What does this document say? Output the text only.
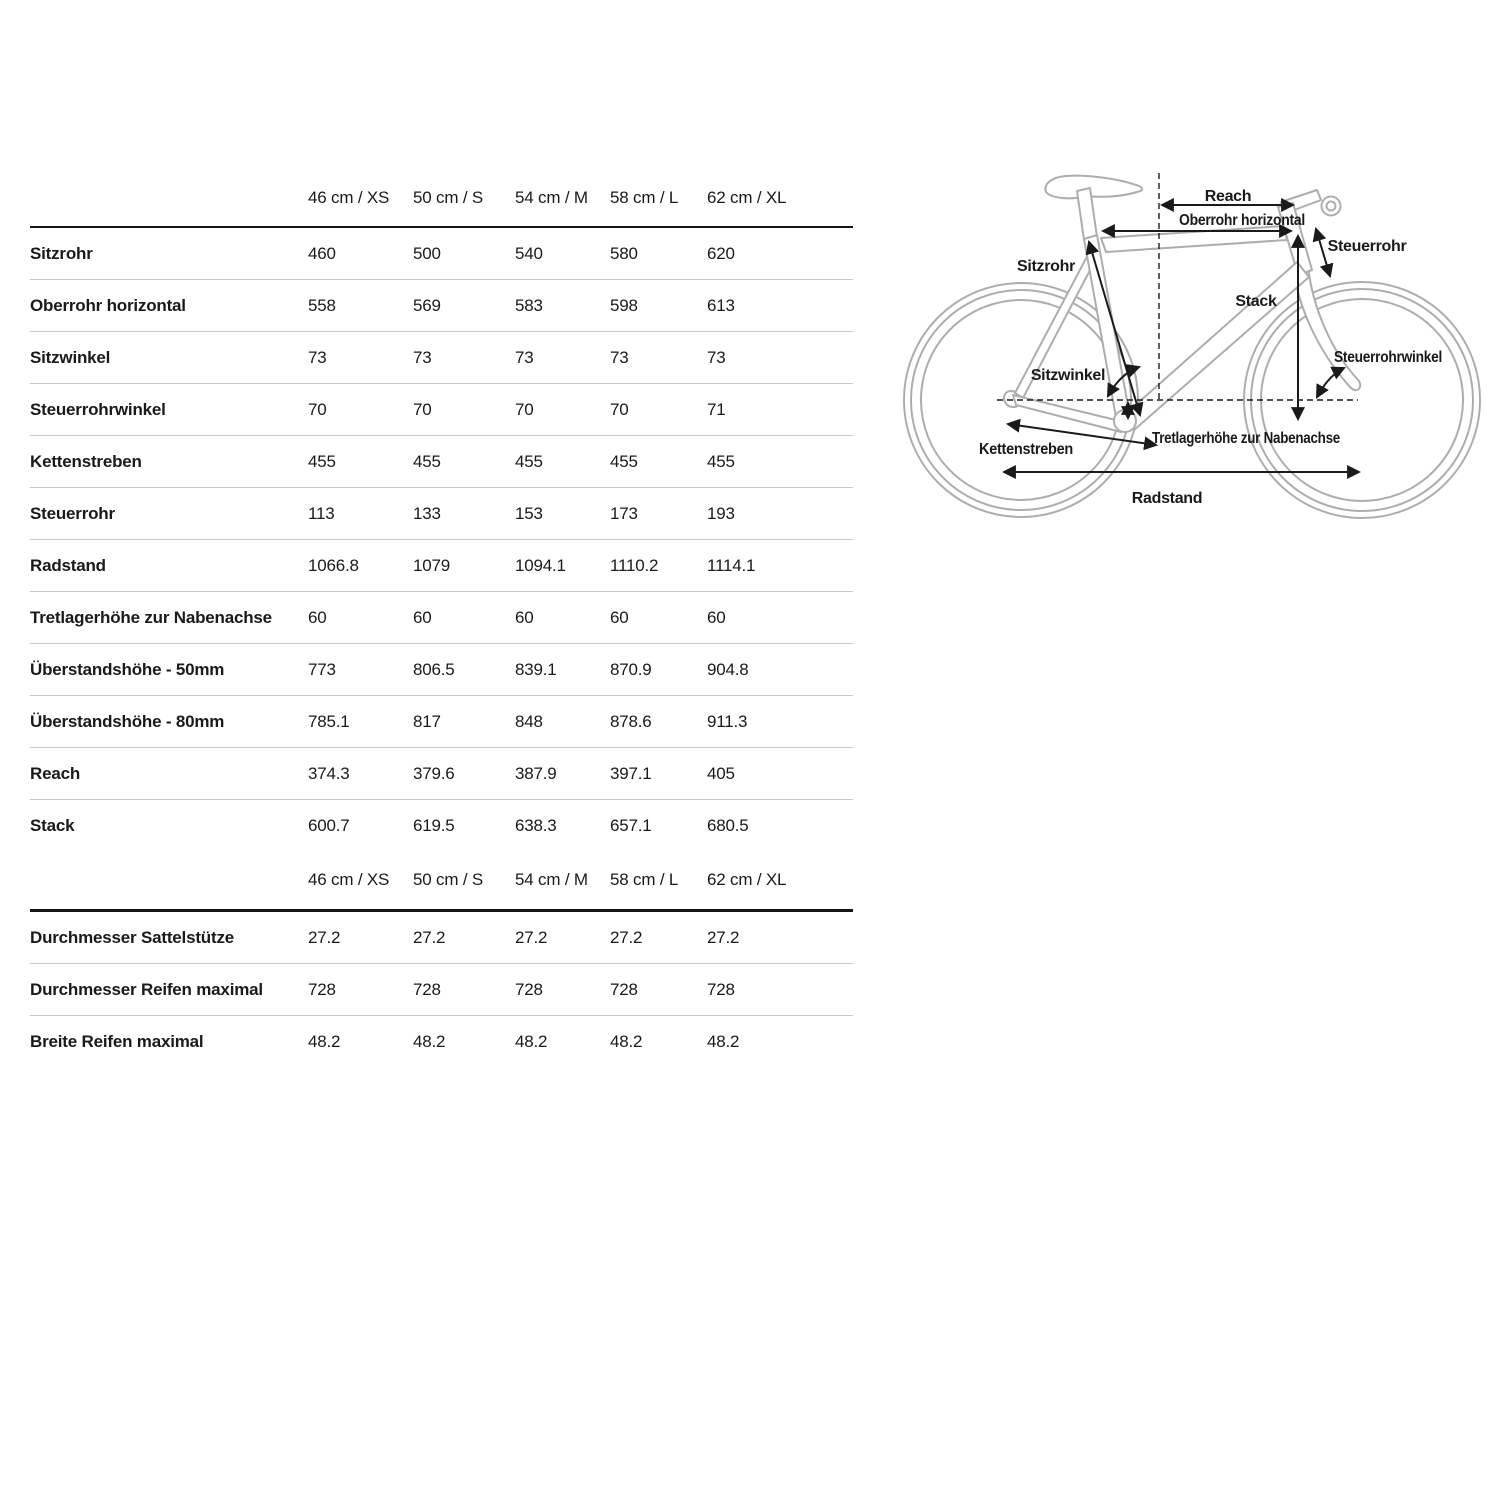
	46 cm / XS	50 cm / S	54 cm / M	58 cm / L	62 cm / XL
Sitzrohr	460	500	540	580	620
Oberrohr horizontal	558	569	583	598	613
Sitzwinkel	73	73	73	73	73
Steuerrohrwinkel	70	70	70	70	71
Kettenstreben	455	455	455	455	455
Steuerrohr	113	133	153	173	193
Radstand	1066.8	1079	1094.1	1110.2	1114.1
Tretlagerhöhe zur Nabenachse	60	60	60	60	60
Überstandshöhe - 50mm	773	806.5	839.1	870.9	904.8
Überstandshöhe - 80mm	785.1	817	848	878.6	911.3
Reach	374.3	379.6	387.9	397.1	405
Stack	600.7	619.5	638.3	657.1	680.5
	46 cm / XS	50 cm / S	54 cm / M	58 cm / L	62 cm / XL
Durchmesser Sattelstütze	27.2	27.2	27.2	27.2	27.2
Durchmesser Reifen maximal	728	728	728	728	728
Breite Reifen maximal	48.2	48.2	48.2	48.2	48.2
Reach
Oberrohr horizontal
Steuerrohr
Sitzrohr
Stack
Steuerrohrwinkel
Sitzwinkel
Tretlagerhöhe zur Nabenachse
Kettenstreben
Radstand
